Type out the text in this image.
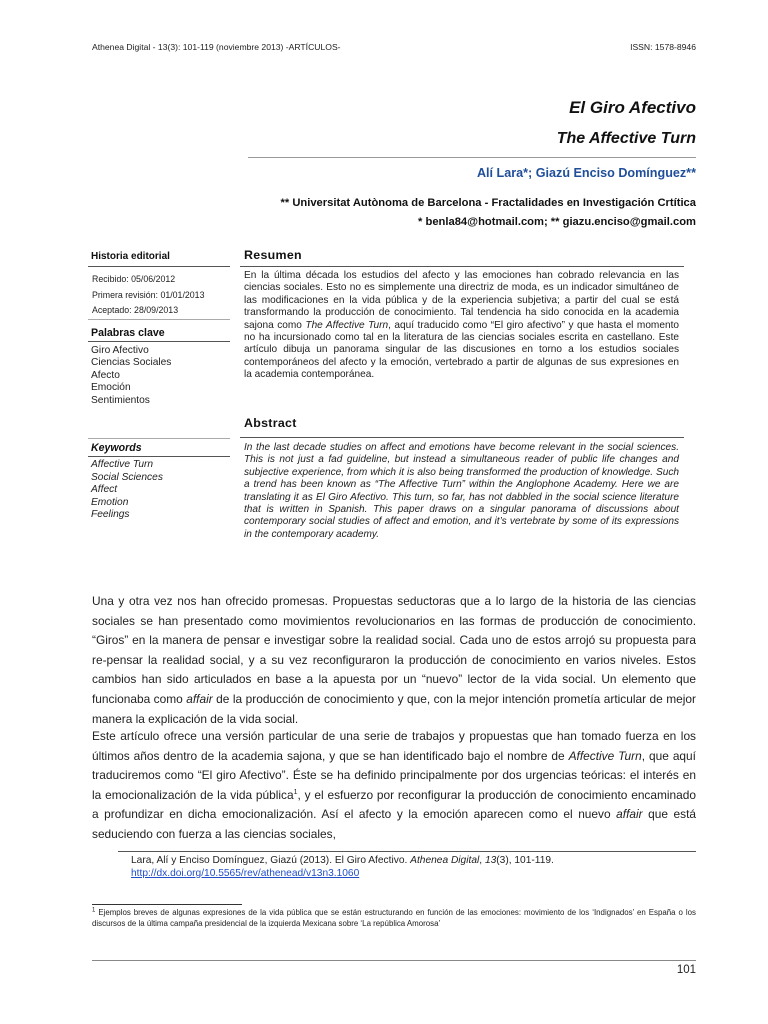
Athenea Digital - 13(3): 101-119 (noviembre 2013) -ARTÍCULOS-	ISSN: 1578-8946
El Giro Afectivo
The Affective Turn
Alí Lara*; Giazú Enciso Domínguez**
** Universitat Autònoma de Barcelona - Fractalidades en Investigación Crtítica
* benla84@hotmail.com; ** giazu.enciso@gmail.com
Historia editorial
Recibido: 05/06/2012
Primera revisión: 01/01/2013
Aceptado: 28/09/2013
Palabras clave
Giro Afectivo
Ciencias Sociales
Afecto
Emoción
Sentimientos
Keywords
Affective Turn
Social Sciences
Affect
Emotion
Feelings
Resumen

En la última década los estudios del afecto y las emociones han cobrado relevancia en las ciencias sociales. Esto no es simplemente una directriz de moda, es un indicador simultáneo de las modificaciones en la vida pública y de la experiencia subjetiva; a partir del cual se está transformando la producción de conocimiento. Tal tendencia ha sido conocida en la academia sajona como The Affective Turn, aquí traducido como “El giro afectivo” y que hasta el momento no ha incursionado como tal en la literatura de las ciencias sociales escrita en castellano. Este artículo dibuja un panorama singular de las discusiones en torno a los estudios sociales contemporáneos del afecto y la emoción, vertebrado a partir de algunas de sus expresiones en la academia contemporánea.

Abstract

In the last decade studies on affect and emotions have become relevant in the social sciences. This is not just a fad guideline, but instead a simultaneous reader of public life changes and subjective experience, from which it is also being transformed the production of knowledge. Such a trend has been known as “The Affective Turn” within the Anglophone Academy. Here we are translating it as El Giro Afectivo. This turn, so far, has not dabbled in the social science literature that is written in Spanish. This paper draws on a singular panorama of discussions about contemporary social studies of affect and emotion, and it’s vertebrate by some of its expressions in the contemporary academy.

Una y otra vez nos han ofrecido promesas. Propuestas seductoras que a lo largo de la historia de las ciencias sociales se han presentado como movimientos revolucionarios en las formas de producción de conocimiento. “Giros” en la manera de pensar e investigar sobre la realidad social. Cada uno de estos arrojó su propuesta para re-pensar la realidad social, y a su vez reconfiguraron la producción de conocimiento en varios niveles. Estos cambios han sido articulados en base a la apuesta por un “nuevo” lector de la vida social. Un elemento que funcionaba como affair de la producción de conocimiento y que, con la mejor intención prometía articular de mejor manera la explicación de la vida social.

Este artículo ofrece una versión particular de una serie de trabajos y propuestas que han tomado fuerza en los últimos años dentro de la academia sajona, y que se han identificado bajo el nombre de Affective Turn, que aquí traduciremos como “El giro Afectivo”. Éste se ha definido principalmente por dos urgencias teóricas: el interés en la emocionalización de la vida pública$^1$, y el esfuerzo por reconfigurar la producción de conocimiento encaminado a profundizar en dicha emocionalización. Así el afecto y la emoción aparecen como el nuevo affair que está seduciendo con fuerza a las ciencias sociales,

Lara, Alí y Enciso Domínguez, Giazú (2013). El Giro Afectivo. Athenea Digital, 13(3), 101-119.
http://dx.doi.org/10.5565/rev/athenead/v13n3.1060

$^1$ Ejemplos breves de algunas expresiones de la vida pública que se están estructurando en función de las emociones: movimiento de los ‘Indignados’ en España o los discursos de la última campaña presidencial de la izquierda Mexicana sobre ‘La república Amorosa’

101
